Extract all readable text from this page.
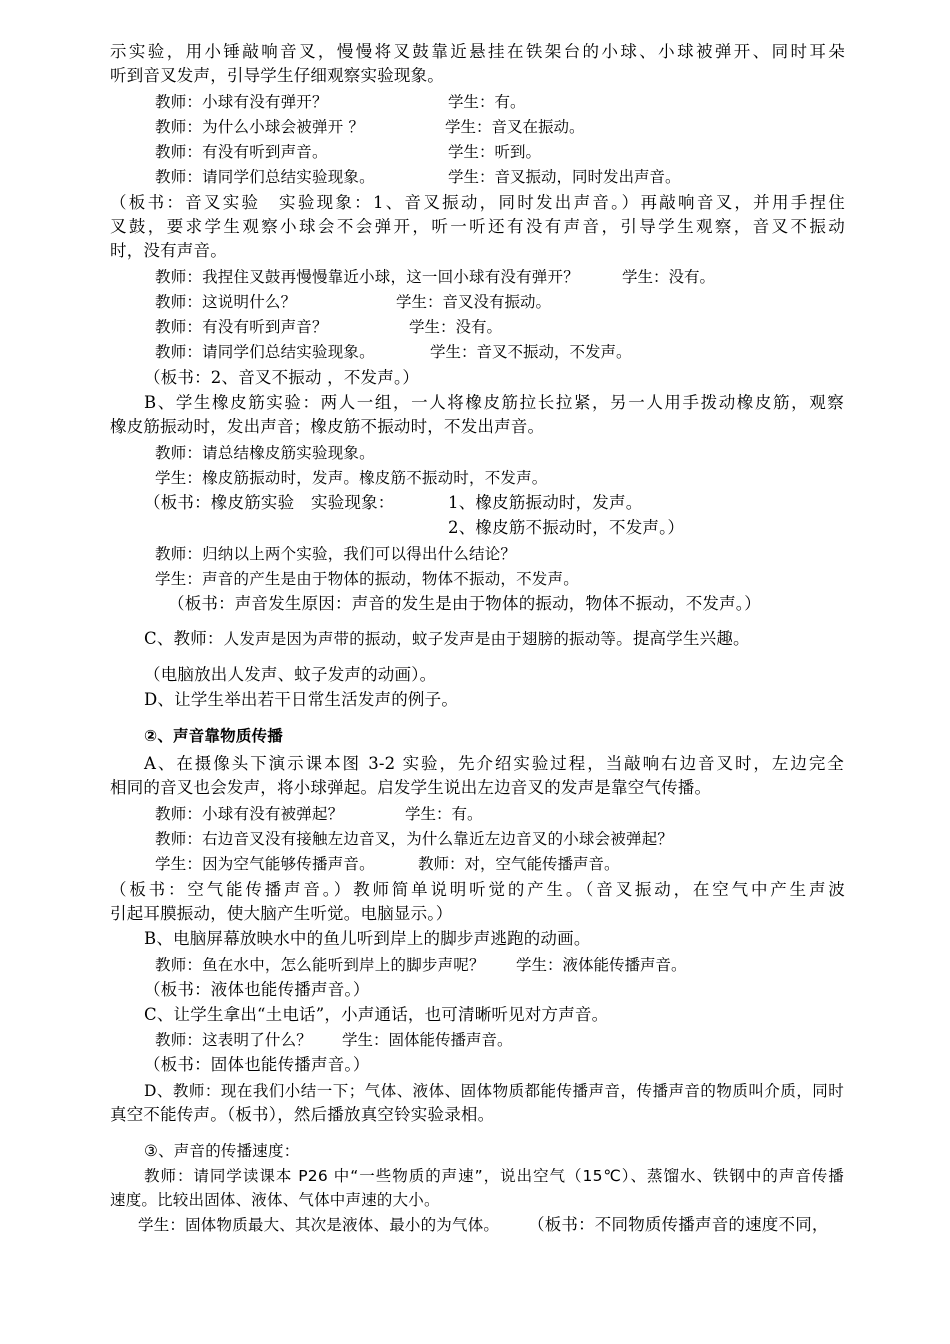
示实验，用小锤敲响音叉，慢慢将叉鼓靠近悬挂在铁架台的小球、小球被弹开、同时耳朵
听到音叉发声，引导学生仔细观察实验现象。
教师：小球有没有弹开？	学生：有。
教师：为什么小球会被弹开 ？	学生：音叉在振动。
教师：有没有听到声音。	学生：听到。
教师：请同学们总结实验现象。	学生：音叉振动，同时发出声音。
（板书：音叉实验　实验现象：1、音叉振动，同时发出声音。）再敲响音叉，并用手捏住
叉鼓，要求学生观察小球会不会弹开，听一听还有没有声音，引导学生观察，音叉不振动
时，没有声音。
教师：我捏住叉鼓再慢慢靠近小球，这一回小球有没有弹开？	学生：没有。
教师：这说明什么？	学生：音叉没有振动。
教师：有没有听到声音？	学生：没有。
教师：请同学们总结实验现象。	学生：音叉不振动，不发声。
（板书：2、音叉不振动 ，不发声。）
B、学生橡皮筋实验：两人一组，一人将橡皮筋拉长拉紧，另一人用手拨动橡皮筋，观察
橡皮筋振动时，发出声音；橡皮筋不振动时，不发出声音。
教师：请总结橡皮筋实验现象。
学生：橡皮筋振动时，发声。橡皮筋不振动时，不发声。
（板书：橡皮筋实验　实验现象：	1、橡皮筋振动时，发声。
2、橡皮筋不振动时，不发声。）
教师：归纳以上两个实验，我们可以得出什么结论？
学生：声音的产生是由于物体的振动，物体不振动，不发声。
（板书：声音发生原因：声音的发生是由于物体的振动，物体不振动，不发声。）
C、教师：人发声是因为声带的振动，蚊子发声是由于翅膀的振动等。提高学生兴趣。
（电脑放出人发声、蚊子发声的动画）。
D、让学生举出若干日常生活发声的例子。
②、声音靠物质传播
A、在摄像头下演示课本图 3-2 实验，先介绍实验过程，当敲响右边音叉时，左边完全
相同的音叉也会发声，将小球弹起。启发学生说出左边音叉的发声是靠空气传播。
教师：小球有没有被弹起？	学生：有。
教师：右边音叉没有接触左边音叉，为什么靠近左边音叉的小球会被弹起？
学生：因为空气能够传播声音。	教师：对，空气能传播声音。
（板书：空气能传播声音。）教师简单说明听觉的产生。（音叉振动，在空气中产生声波
引起耳膜振动，使大脑产生听觉。电脑显示。）
B、电脑屏幕放映水中的鱼儿听到岸上的脚步声逃跑的动画。
教师：鱼在水中，怎么能听到岸上的脚步声呢？ 学生：液体能传播声音。
（板书：液体也能传播声音。）
C、让学生拿出“土电话”，小声通话，也可清晰听见对方声音。
教师：这表明了什么？ 学生：固体能传播声音。
（板书：固体也能传播声音。）
D、教师：现在我们小结一下；气体、液体、固体物质都能传播声音，传播声音的物质叫介质，同时
真空不能传声。（板书），然后播放真空铃实验录相。
③、声音的传播速度：
教师：请同学读课本 P26 中“一些物质的声速”，说出空气（15℃）、蒸馏水、铁钢中的声音传播
速度。比较出固体、液体、气体中声速的大小。
学生：固体物质最大、其次是液体、最小的为气体。 （板书：不同物质传播声音的速度不同，
